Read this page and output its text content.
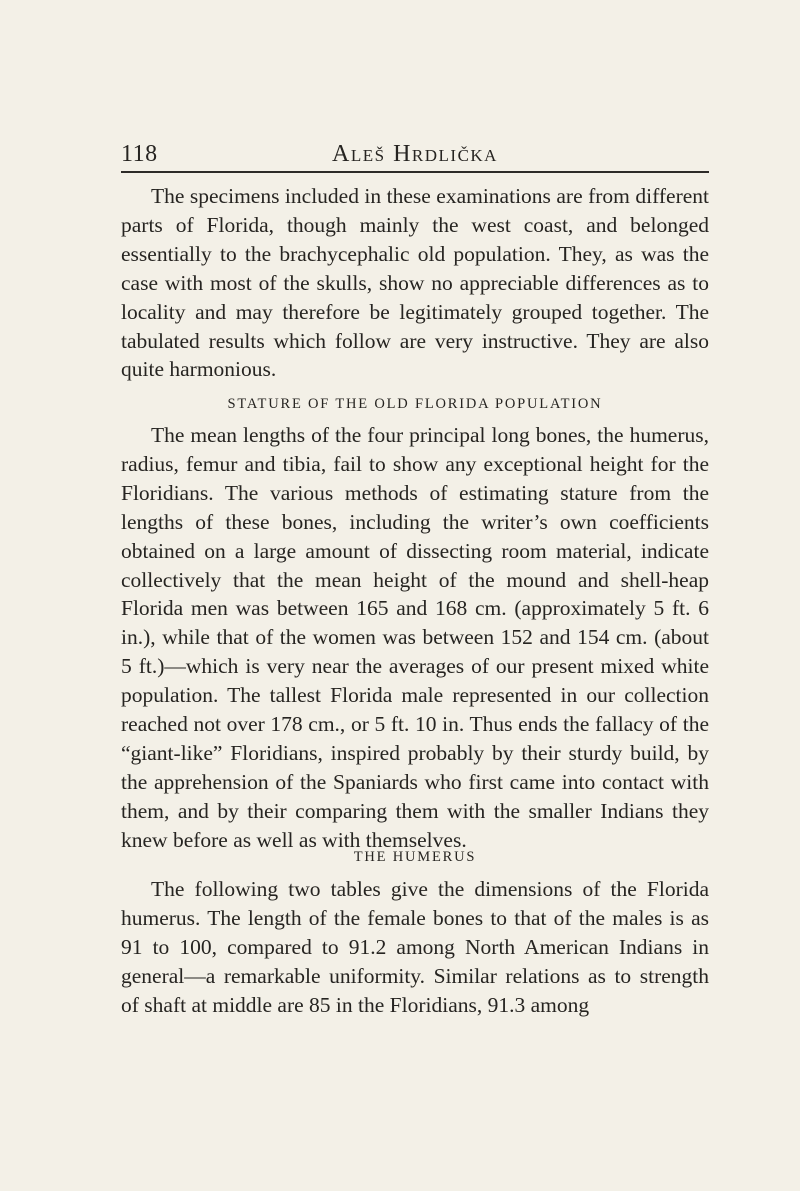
118	Aleš Hrdlička

The specimens included in these examinations are from different parts of Florida, though mainly the west coast, and belonged essentially to the brachycephalic old population. They, as was the case with most of the skulls, show no appreciable differences as to locality and may therefore be legitimately grouped together. The tabulated results which follow are very instructive. They are also quite harmonious.

STATURE OF THE OLD FLORIDA POPULATION

The mean lengths of the four principal long bones, the humerus, radius, femur and tibia, fail to show any exceptional height for the Floridians. The various methods of estimating stature from the lengths of these bones, including the writer’s own coefficients obtained on a large amount of dissecting room material, indicate collectively that the mean height of the mound and shell-heap Florida men was between 165 and 168 cm. (approximately 5 ft. 6 in.), while that of the women was between 152 and 154 cm. (about 5 ft.)—which is very near the averages of our present mixed white population. The tallest Florida male represented in our collection reached not over 178 cm., or 5 ft. 10 in. Thus ends the fallacy of the “giant-like” Floridians, inspired probably by their sturdy build, by the apprehension of the Spaniards who first came into contact with them, and by their comparing them with the smaller Indians they knew before as well as with themselves.

THE HUMERUS

The following two tables give the dimensions of the Florida humerus. The length of the female bones to that of the males is as 91 to 100, compared to 91.2 among North American Indians in general—a remarkable uniformity. Similar relations as to strength of shaft at middle are 85 in the Floridians, 91.3 among
